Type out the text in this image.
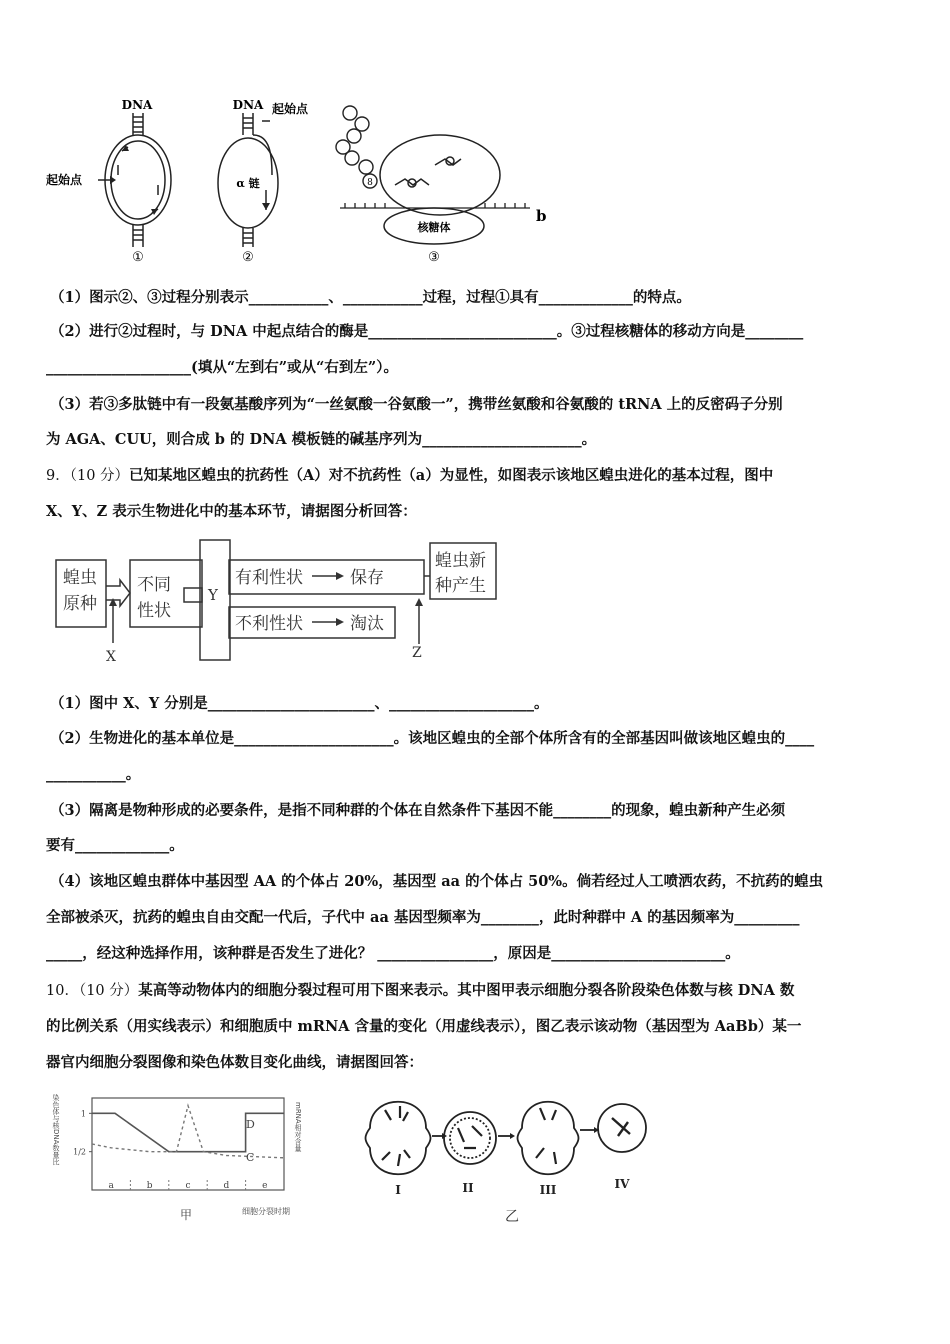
DNA
起始点
①
DNA 起始点
α 链
②
8
核糖体
b
③
（1）图示②、③过程分别表示___________、___________过程，过程①具有_____________的特点。
（2）进行②过程时，与 DNA 中起点结合的酶是__________________________。③过程核糖体的移动方向是________
____________________(填从“左到右”或从“右到左”）。
（3）若③多肽链中有一段氨基酸序列为“一丝氨酸一谷氨酸一”，携带丝氨酸和谷氨酸的 tRNA 上的反密码子分别
为 AGA、CUU，则合成 b 的 DNA 模板链的碱基序列为______________________。
9．（10 分）已知某地区蝗虫的抗药性（A）对不抗药性（a）为显性，如图表示该地区蝗虫进化的基本过程，图中
X、Y、Z 表示生物进化中的基本环节，请据图分析回答：
蝗虫
原种
不同
性状
Y
有利性状	保存
不利性状	淘汰
蝗虫新
种产生
X	Z
（1）图中 X、Y 分别是_______________________、____________________。
（2）生物进化的基本单位是______________________。该地区蝗虫的全部个体所含有的全部基因叫做该地区蝗虫的____
___________。
（3）隔离是物种形成的必要条件，是指不同种群的个体在自然条件下基因不能________的现象，蝗虫新种产生必须
要有_____________。
（4）该地区蝗虫群体中基因型 AA 的个体占 20%，基因型 aa 的个体占 50%。倘若经过人工喷洒农药，不抗药的蝗虫
全部被杀灭，抗药的蝗虫自由交配一代后，子代中 aa 基因型频率为________，此时种群中 A 的基因频率为_________
_____，经这种选择作用，该种群是否发生了进化？ ________________，原因是________________________。
10．（10 分）某高等动物体内的细胞分裂过程可用下图来表示。其中图甲表示细胞分裂各阶段染色体数与核 DNA 数
的比例关系（用实线表示）和细胞质中 mRNA 含量的变化（用虚线表示），图乙表示该动物（基因型为 AaBb）某一
器官内细胞分裂图像和染色体数目变化曲线，请据图回答：
染色体与核DNA数量比	mRNA相对含量
1
1/2
a	b	c	d	e
D
C
甲	细胞分裂时期
I	II	III	IV
乙
